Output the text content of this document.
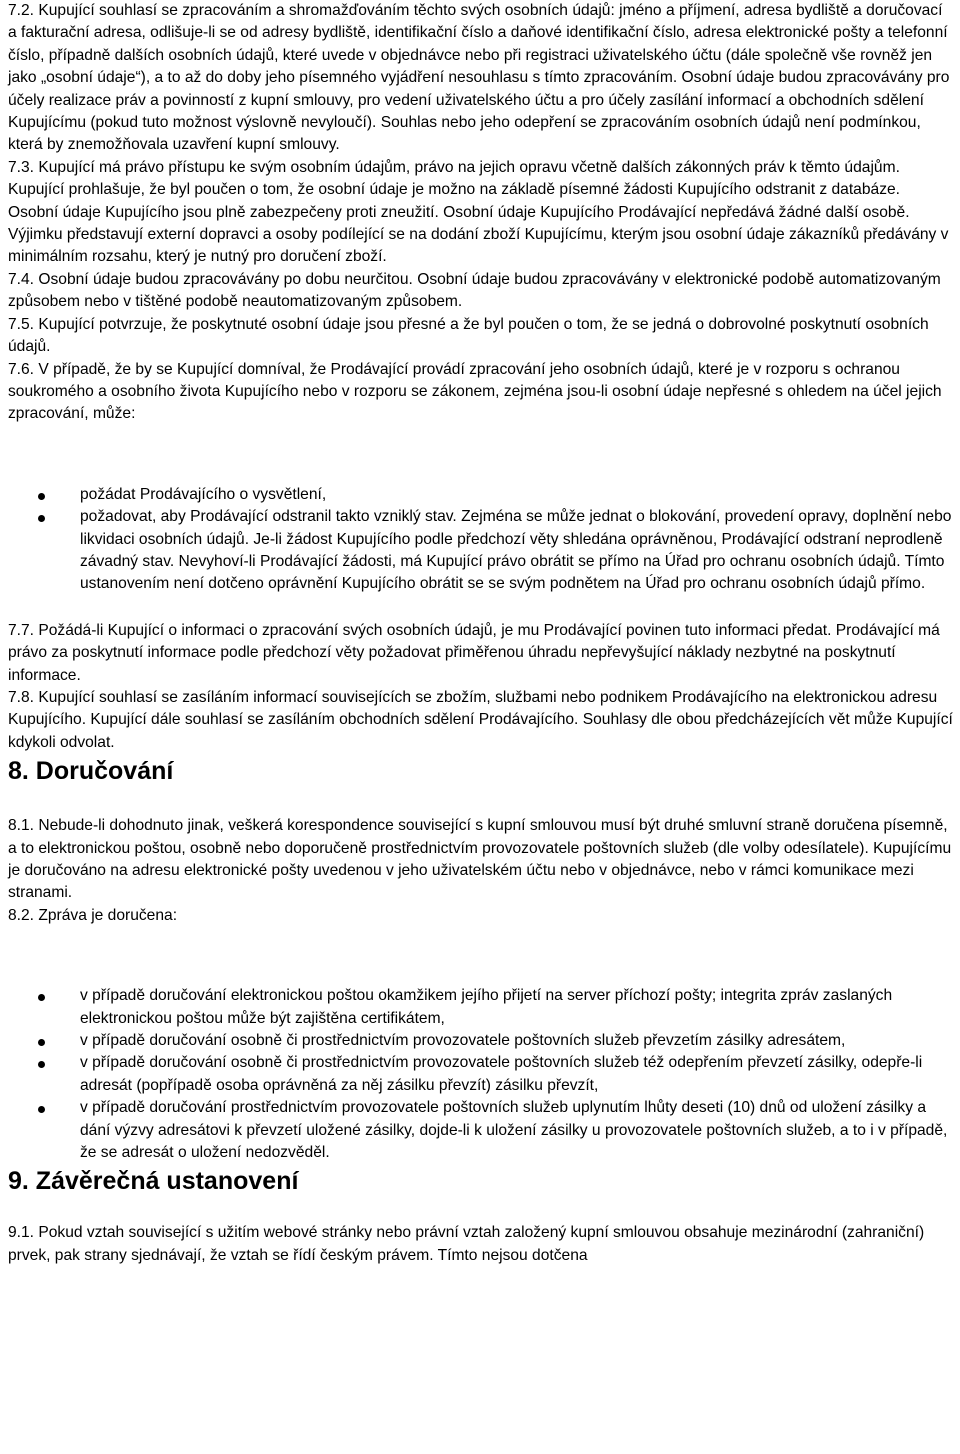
7.2. Kupující souhlasí se zpracováním a shromažďováním těchto svých osobních údajů: jméno a příjmení, adresa bydliště a doručovací a fakturační adresa, odlišuje-li se od adresy bydliště, identifikační číslo a daňové identifikační číslo, adresa elektronické pošty a telefonní číslo, případně dalších osobních údajů, které uvede v objednávce nebo při registraci uživatelského účtu (dále společně vše rovněž jen jako „osobní údaje“), a to až do doby jeho písemného vyjádření nesouhlasu s tímto zpracováním. Osobní údaje budou zpracovávány pro účely realizace práv a povinností z kupní smlouvy, pro vedení uživatelského účtu a pro účely zasílání informací a obchodních sdělení Kupujícímu (pokud tuto možnost výslovně nevyloučí). Souhlas nebo jeho odepření se zpracováním osobních údajů není podmínkou, která by znemožňovala uzavření kupní smlouvy.

7.3. Kupující má právo přístupu ke svým osobním údajům, právo na jejich opravu včetně dalších zákonných práv k těmto údajům. Kupující prohlašuje, že byl poučen o tom, že osobní údaje je možno na základě písemné žádosti Kupujícího odstranit z databáze. Osobní údaje Kupujícího jsou plně zabezpečeny proti zneužití. Osobní údaje Kupujícího Prodávající nepředává žádné další osobě. Výjimku představují externí dopravci a osoby podílející se na dodání zboží Kupujícímu, kterým jsou osobní údaje zákazníků předávány v minimálním rozsahu, který je nutný pro doručení zboží.

7.4. Osobní údaje budou zpracovávány po dobu neurčitou. Osobní údaje budou zpracovávány v elektronické podobě automatizovaným způsobem nebo v tištěné podobě neautomatizovaným způsobem.

7.5. Kupující potvrzuje, že poskytnuté osobní údaje jsou přesné a že byl poučen o tom, že se jedná o dobrovolné poskytnutí osobních údajů.

7.6. V případě, že by se Kupující domníval, že Prodávající provádí zpracování jeho osobních údajů, které je v rozporu s ochranou soukromého a osobního života Kupujícího nebo v rozporu se zákonem, zejména jsou-li osobní údaje nepřesné s ohledem na účel jejich zpracování, může:

požádat Prodávajícího o vysvětlení,
požadovat, aby Prodávající odstranil takto vzniklý stav. Zejména se může jednat o blokování, provedení opravy, doplnění nebo likvidaci osobních údajů. Je-li žádost Kupujícího podle předchozí věty shledána oprávněnou, Prodávající odstraní neprodleně závadný stav. Nevyhoví-li Prodávající žádosti, má Kupující právo obrátit se přímo na Úřad pro ochranu osobních údajů. Tímto ustanovením není dotčeno oprávnění Kupujícího obrátit se se svým podnětem na Úřad pro ochranu osobních údajů přímo.

7.7. Požádá-li Kupující o informaci o zpracování svých osobních údajů, je mu Prodávající povinen tuto informaci předat. Prodávající má právo za poskytnutí informace podle předchozí věty požadovat přiměřenou úhradu nepřevyšující náklady nezbytné na poskytnutí informace.

7.8. Kupující souhlasí se zasíláním informací souvisejících se zbožím, službami nebo podnikem Prodávajícího na elektronickou adresu Kupujícího. Kupující dále souhlasí se zasíláním obchodních sdělení Prodávajícího. Souhlasy dle obou předcházejících vět může Kupující kdykoli odvolat.

8. Doručování

8.1. Nebude-li dohodnuto jinak, veškerá korespondence související s kupní smlouvou musí být druhé smluvní straně doručena písemně, a to elektronickou poštou, osobně nebo doporučeně prostřednictvím provozovatele poštovních služeb (dle volby odesílatele). Kupujícímu je doručováno na adresu elektronické pošty uvedenou v jeho uživatelském účtu nebo v objednávce, nebo v rámci komunikace mezi stranami.

8.2. Zpráva je doručena:

v případě doručování elektronickou poštou okamžikem jejího přijetí na server příchozí pošty; integrita zpráv zaslaných elektronickou poštou může být zajištěna certifikátem,
v případě doručování osobně či prostřednictvím provozovatele poštovních služeb převzetím zásilky adresátem,
v případě doručování osobně či prostřednictvím provozovatele poštovních služeb též odepřením převzetí zásilky, odepře-li adresát (popřípadě osoba oprávněná za něj zásilku převzít) zásilku převzít,
v případě doručování prostřednictvím provozovatele poštovních služeb uplynutím lhůty deseti (10) dnů od uložení zásilky a dání výzvy adresátovi k převzetí uložené zásilky, dojde-li k uložení zásilky u provozovatele poštovních služeb, a to i v případě, že se adresát o uložení nedozvěděl.
9. Závěrečná ustanovení

9.1. Pokud vztah související s užitím webové stránky nebo právní vztah založený kupní smlouvou obsahuje mezinárodní (zahraniční) prvek, pak strany sjednávají, že vztah se řídí českým právem. Tímto nejsou dotčena
